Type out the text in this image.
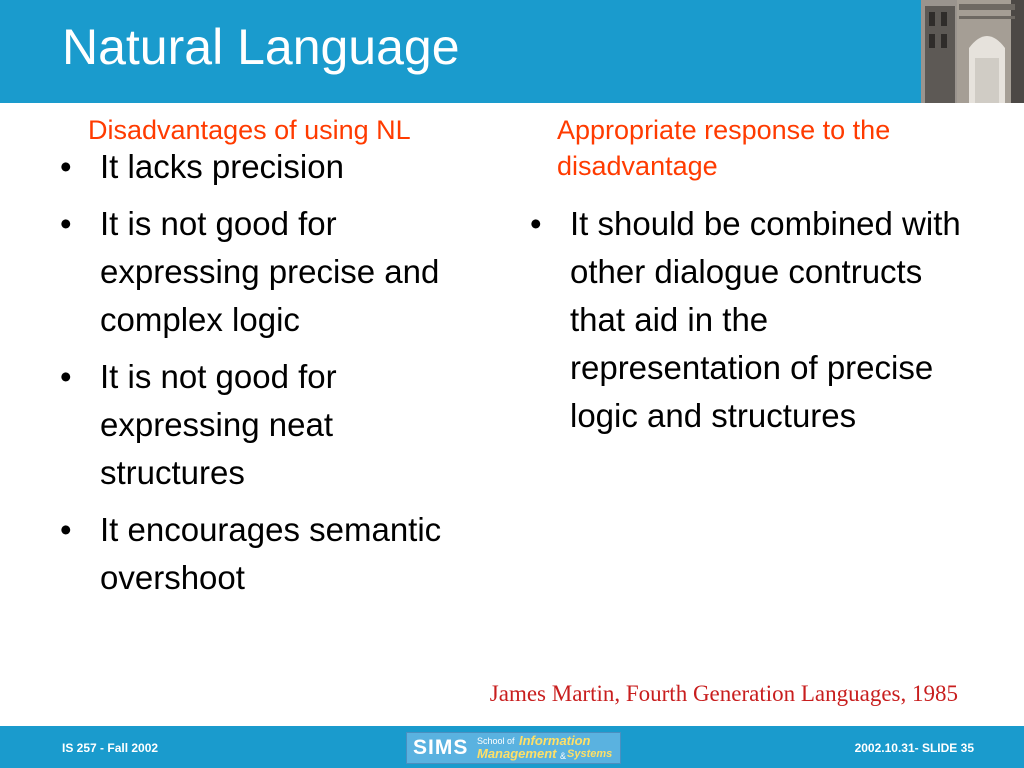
Natural Language
Disadvantages of using NL	Appropriate response to the disadvantage
• It lacks precision
• It is not good for expressing precise and complex logic
• It is not good for expressing neat structures
• It encourages semantic overshoot
• It should be combined with other dialogue contructs that aid in the representation of precise logic and structures
James Martin, Fourth Generation Languages, 1985
IS 257 - Fall 2002	SIMS School of Information
Management & Systems	2002.10.31- SLIDE 35
